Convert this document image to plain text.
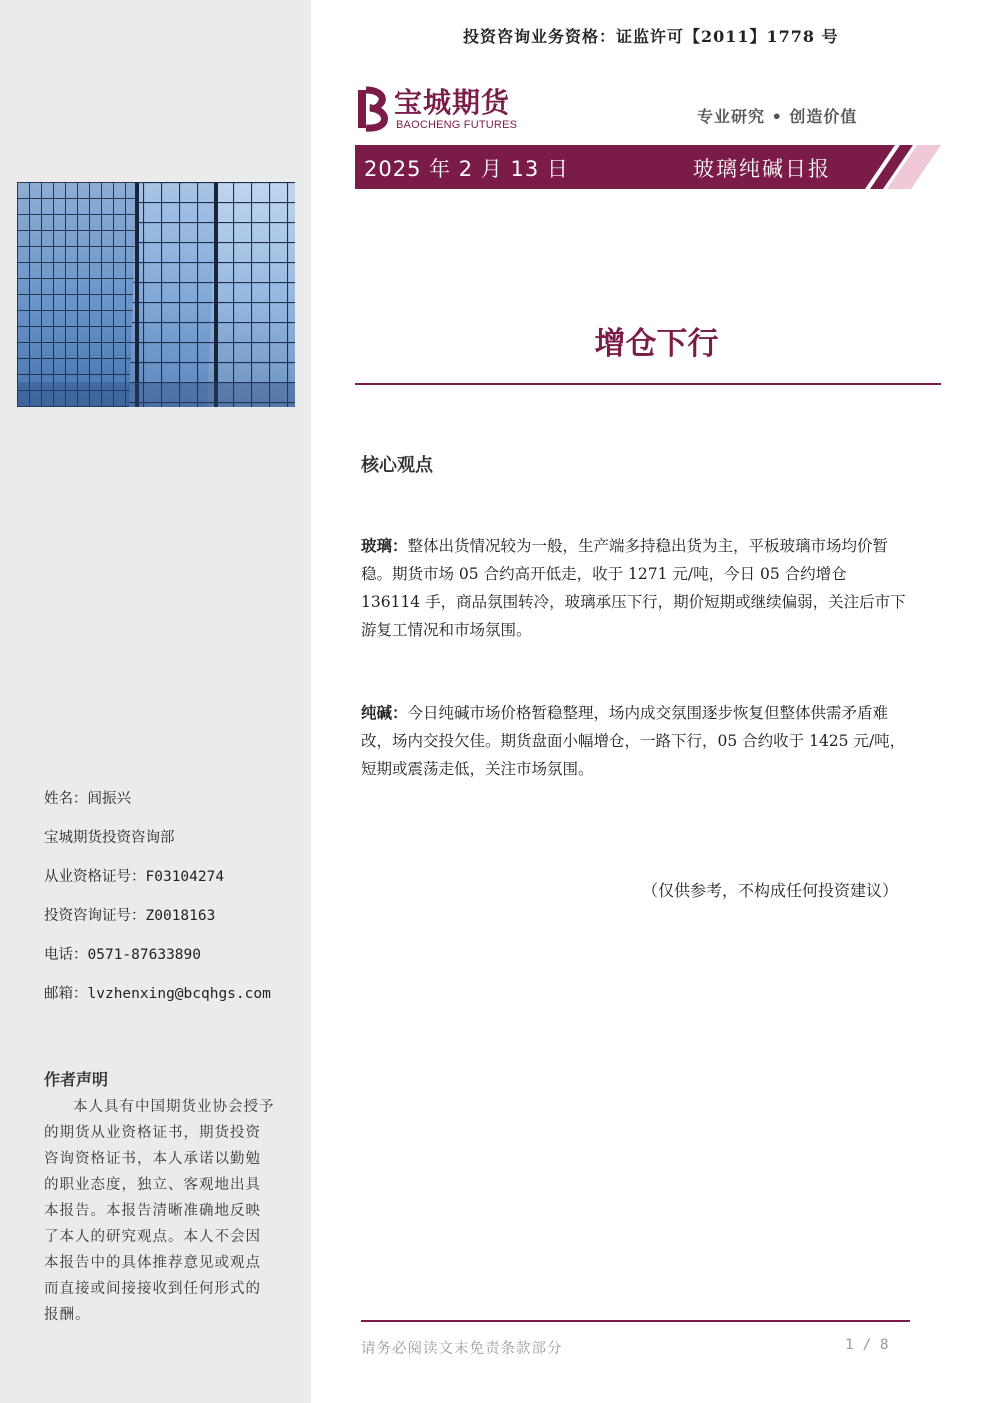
姓名：闾振兴
宝城期货投资咨询部
从业资格证号：F03104274
投资咨询证号：Z0018163
电话：0571-87633890
邮箱：lvzhenxing@bcqhgs.com
作者声明
本人具有中国期货业协会授予的期货从业资格证书，期货投资咨询资格证书，本人承诺以勤勉的职业态度，独立、客观地出具本报告。本报告清晰准确地反映了本人的研究观点。本人不会因本报告中的具体推荐意见或观点而直接或间接接收到任何形式的报酬。
投资咨询业务资格：证监许可【2011】1778 号
宝城期货
BAOCHENG FUTURES	专业研究 • 创造价值
2025 年 2 月 13 日	玻璃纯碱日报
增仓下行
核心观点
玻璃：整体出货情况较为一般，生产端多持稳出货为主，平板玻璃市场均价暂稳。期货市场 05 合约高开低走，收于 1271 元/吨，今日 05 合约增仓 136114 手，商品氛围转冷，玻璃承压下行，期价短期或继续偏弱，关注后市下游复工情况和市场氛围。
纯碱：今日纯碱市场价格暂稳整理，场内成交氛围逐步恢复但整体供需矛盾难改，场内交投欠佳。期货盘面小幅增仓，一路下行，05 合约收于 1425 元/吨，短期或震荡走低，关注市场氛围。
（仅供参考，不构成任何投资建议）
请务必阅读文末免责条款部分	1 / 8
